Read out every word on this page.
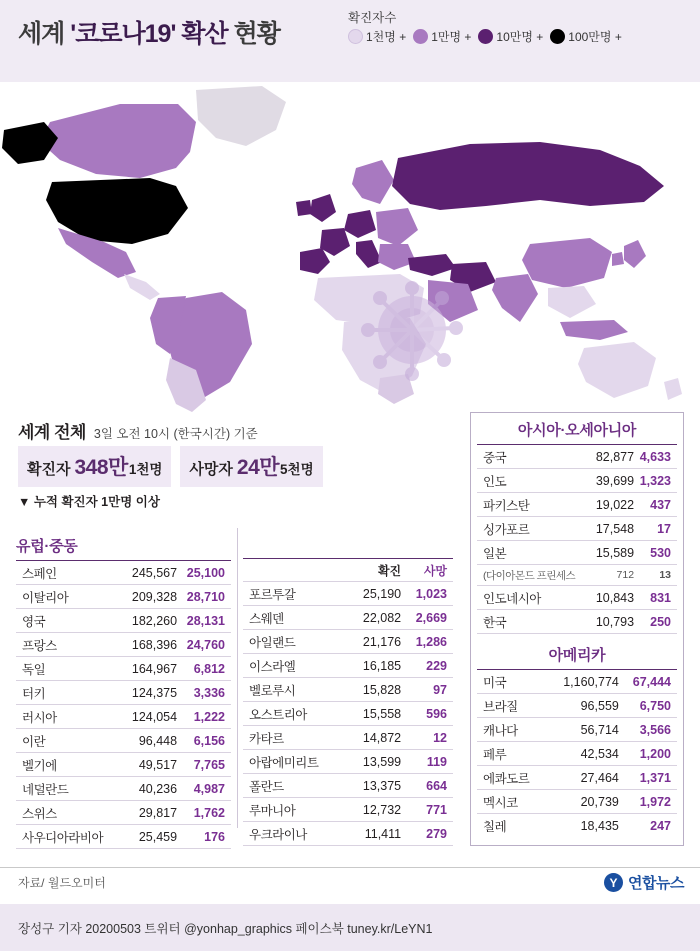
세계 '코로나19' 확산 현황
확진자수
1천명 + 1만명 + 10만명 + 100만명 +
세계 전체 3일 오전 10시 (한국시간) 기준
확진자 348만 1천명 사망자 24만 5천명
▼ 누적 확진자 1만명 이상
유럽·중동
스페인	245,567	25,100
이탈리아	209,328	28,710
영국	182,260	28,131
프랑스	168,396	24,760
독일	164,967	6,812
터키	124,375	3,336
러시아	124,054	1,222
이란	96,448	6,156
벨기에	49,517	7,765
네덜란드	40,236	4,987
스위스	29,817	1,762
사우디아라비아	25,459	176
	확진	사망
포르투갈	25,190	1,023
스웨덴	22,082	2,669
아일랜드	21,176	1,286
이스라엘	16,185	229
벨로루시	15,828	97
오스트리아	15,558	596
카타르	14,872	12
아랍에미리트	13,599	119
폴란드	13,375	664
루마니아	12,732	771
우크라이나	11,411	279
아시아·오세아니아
중국	82,877	4,633
인도	39,699	1,323
파키스탄	19,022	437
싱가포르	17,548	17
일본	15,589	530
(다이아몬드 프린세스	712	13
인도네시아	10,843	831
한국	10,793	250
아메리카
미국	1,160,774	67,444
브라질	96,559	6,750
캐나다	56,714	3,566
페루	42,534	1,200
에콰도르	27,464	1,371
멕시코	20,739	1,972
칠레	18,435	247
자료/ 월드오미터	Y 연합뉴스
장성구 기자 20200503 트위터 @yonhap_graphics 페이스북 tuney.kr/LeYN1
